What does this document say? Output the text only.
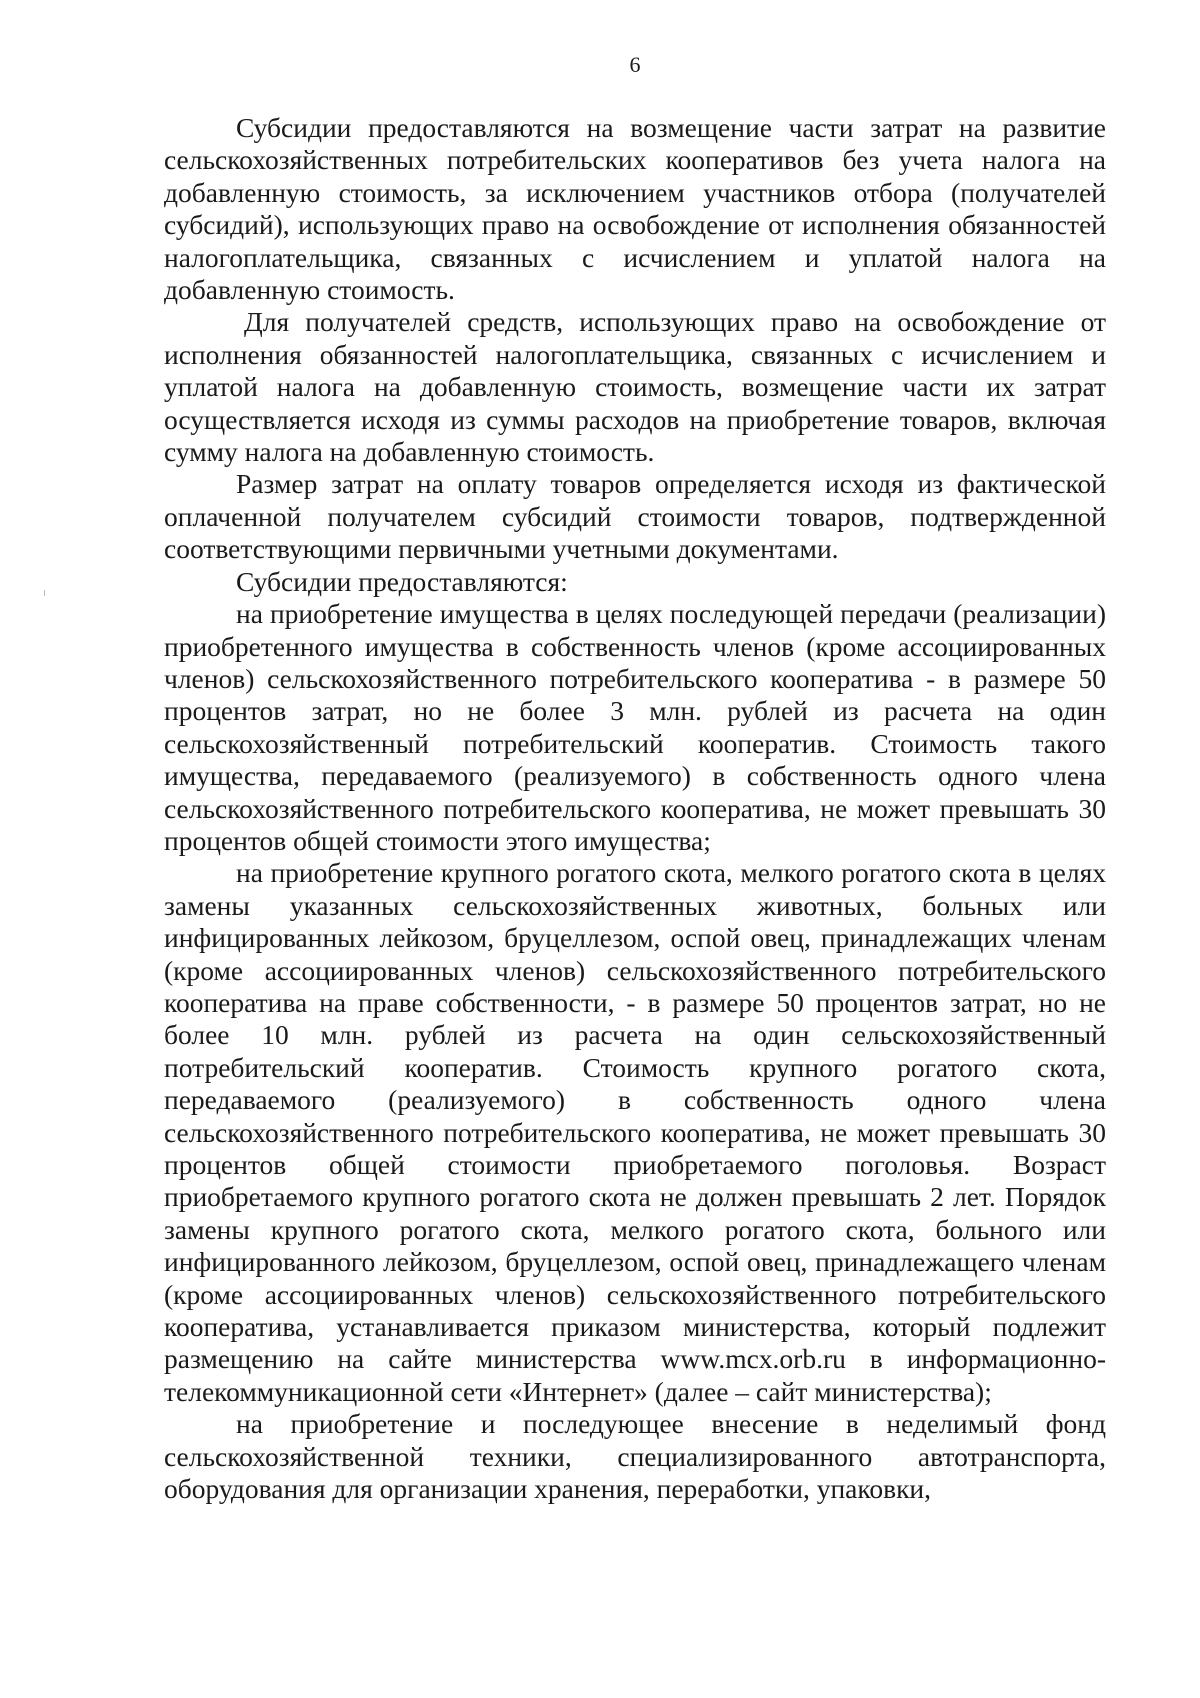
6

Субсидии предоставляются на возмещение части затрат на развитие сельскохозяйственных потребительских кооперативов без учета налога на добавленную стоимость, за исключением участников отбора (получателей субсидий), использующих право на освобождение от исполнения обязанностей налогоплательщика, связанных с исчислением и уплатой налога на добавленную стоимость.

Для получателей средств, использующих право на освобождение от исполнения обязанностей налогоплательщика, связанных с исчислением и уплатой налога на добавленную стоимость, возмещение части их затрат осуществляется исходя из суммы расходов на приобретение товаров, включая сумму налога на добавленную стоимость.

Размер затрат на оплату товаров определяется исходя из фактической оплаченной получателем субсидий стоимости товаров, подтвержденной соответствующими первичными учетными документами.

Субсидии предоставляются:

на приобретение имущества в целях последующей передачи (реализации) приобретенного имущества в собственность членов (кроме ассоциированных членов) сельскохозяйственного потребительского кооператива - в размере 50 процентов затрат, но не более 3 млн. рублей из расчета на один сельскохозяйственный потребительский кооператив. Стоимость такого имущества, передаваемого (реализуемого) в собственность одного члена сельскохозяйственного потребительского кооператива, не может превышать 30 процентов общей стоимости этого имущества;

на приобретение крупного рогатого скота, мелкого рогатого скота в целях замены указанных сельскохозяйственных животных, больных или инфицированных лейкозом, бруцеллезом, оспой овец, принадлежащих членам (кроме ассоциированных членов) сельскохозяйственного потребительского кооператива на праве собственности, - в размере 50 процентов затрат, но не более 10 млн. рублей из расчета на один сельскохозяйственный потребительский кооператив. Стоимость крупного рогатого скота, передаваемого (реализуемого) в собственность одного члена сельскохозяйственного потребительского кооператива, не может превышать 30 процентов общей стоимости приобретаемого поголовья. Возраст приобретаемого крупного рогатого скота не должен превышать 2 лет. Порядок замены крупного рогатого скота, мелкого рогатого скота, больного или инфицированного лейкозом, бруцеллезом, оспой овец, принадлежащего членам (кроме ассоциированных членов) сельскохозяйственного потребительского кооператива, устанавливается приказом министерства, который подлежит размещению на сайте министерства www.mcx.orb.ru в информационно-телекоммуникационной сети «Интернет» (далее – сайт министерства);

на приобретение и последующее внесение в неделимый фонд сельскохозяйственной техники, специализированного автотранспорта, оборудования для организации хранения, переработки, упаковки,
